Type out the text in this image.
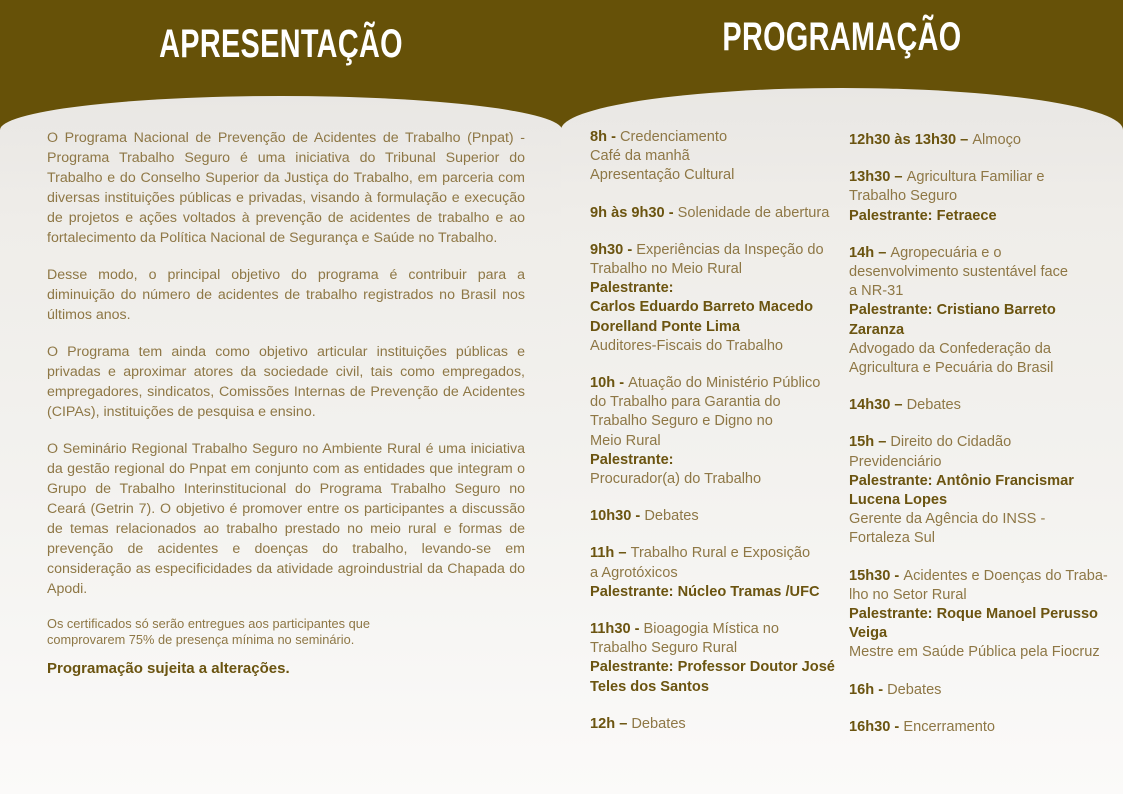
APRESENTAÇÃO	PROGRAMAÇÃO

O Programa Nacional de Prevenção de Acidentes de Trabalho (Pnpat) - Programa Trabalho Seguro é uma iniciativa do Tribunal Superior do Trabalho e do Conselho Superior da Justiça do Trabalho, em parceria com diversas instituições públicas e privadas, visando à formulação e execução de projetos e ações voltados à prevenção de acidentes de trabalho e ao fortalecimento da Política Nacional de Segurança e Saúde no Trabalho.

Desse modo, o principal objetivo do programa é contribuir para a diminuição do número de acidentes de trabalho registrados no Brasil nos últimos anos.

O Programa tem ainda como objetivo articular instituições públicas e privadas e aproximar atores da sociedade civil, tais como empregados, empregadores, sindicatos, Comissões Internas de Prevenção de Acidentes (CIPAs), instituições de pesquisa e ensino.

O Seminário Regional Trabalho Seguro no Ambiente Rural é uma iniciativa da gestão regional do Pnpat em conjunto com as entidades que integram o Grupo de Trabalho Interinstitucional do Programa Trabalho Seguro no Ceará (Getrin 7). O objetivo é promover entre os participantes a discussão de temas relacionados ao trabalho prestado no meio rural e formas de prevenção de acidentes e doenças do trabalho, levando-se em consideração as especificidades da atividade agroindustrial da Chapada do Apodi.

Os certificados só serão entregues aos participantes que comprovarem 75% de presença mínima no seminário.

Programação sujeita a alterações.

8h - Credenciamento
Café da manhã
Apresentação Cultural

9h às 9h30 - Solenidade de abertura

9h30 - Experiências da Inspeção do
Trabalho no Meio Rural
Palestrante:
Carlos Eduardo Barreto Macedo
Dorelland Ponte Lima
Auditores-Fiscais do Trabalho

10h - Atuação do Ministério Público
do Trabalho para Garantia do
Trabalho Seguro e Digno no
Meio Rural
Palestrante:
Procurador(a) do Trabalho

10h30 - Debates

11h – Trabalho Rural e Exposição
a Agrotóxicos
Palestrante: Núcleo Tramas /UFC

11h30 - Bioagogia Mística no
Trabalho Seguro Rural
Palestrante: Professor Doutor José
Teles dos Santos

12h – Debates

12h30 às 13h30 – Almoço

13h30 – Agricultura Familiar e
Trabalho Seguro
Palestrante: Fetraece

14h – Agropecuária e o
desenvolvimento sustentável face
a NR-31
Palestrante: Cristiano Barreto
Zaranza
Advogado da Confederação da
Agricultura e Pecuária do Brasil

14h30 – Debates

15h – Direito do Cidadão
Previdenciário
Palestrante: Antônio Francismar
Lucena Lopes
Gerente da Agência do INSS -
Fortaleza Sul

15h30 - Acidentes e Doenças do Traba-
lho no Setor Rural
Palestrante: Roque Manoel Perusso
Veiga
Mestre em Saúde Pública pela Fiocruz

16h - Debates

16h30 - Encerramento
